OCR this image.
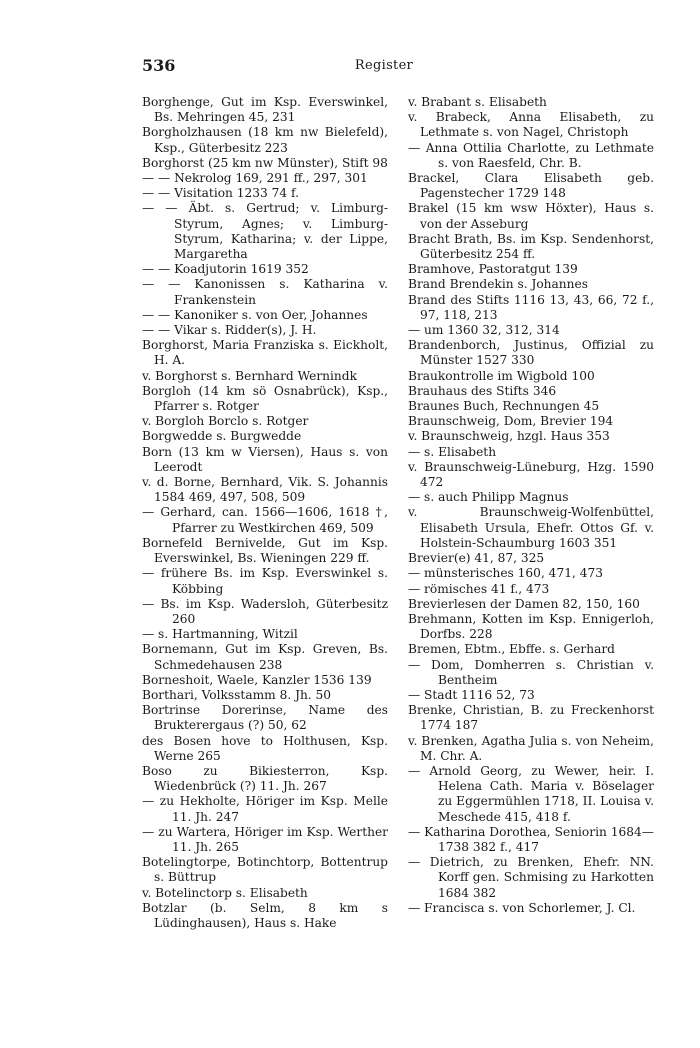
536	Register
Borghenge, Gut im Ksp. Everswinkel, Bs. Mehringen 45, 231
Borgholzhausen (18 km nw Bielefeld), Ksp., Güterbesitz 223
Borghorst (25 km nw Münster), Stift 98
— — Nekrolog 169, 291 ff., 297, 301
— — Visitation 1233 74 f.
— — Äbt. s. Gertrud; v. Limburg-Styrum, Agnes; v. Limburg-Styrum, Katharina; v. der Lippe, Margaretha
— — Koadjutorin 1619 352
— — Kanonissen s. Katharina v. Frankenstein
— — Kanoniker s. von Oer, Johannes
— — Vikar s. Ridder(s), J. H.
Borghorst, Maria Franziska s. Eickholt, H. A.
v. Borghorst s. Bernhard Wernindk
Borgloh (14 km sö Osnabrück), Ksp., Pfarrer s. Rotger
v. Borgloh Borclo s. Rotger
Borgwedde s. Burgwedde
Born (13 km w Viersen), Haus s. von Leerodt
v. d. Borne, Bernhard, Vik. S. Johannis 1584 469, 497, 508, 509
— Gerhard, can. 1566—1606, 1618 †, Pfarrer zu Westkirchen 469, 509
Bornefeld Bernivelde, Gut im Ksp. Everswinkel, Bs. Wieningen 229 ff.
— frühere Bs. im Ksp. Everswinkel s. Köbbing
— Bs. im Ksp. Wadersloh, Güterbesitz 260
— s. Hartmanning, Witzil
Bornemann, Gut im Ksp. Greven, Bs. Schmedehausen 238
Borneshoit, Waele, Kanzler 1536 139
Borthari, Volksstamm 8. Jh. 50
Bortrinse Dorerinse, Name des Brukterergaus (?) 50, 62
des Bosen hove to Holthusen, Ksp. Werne 265
Boso zu Bikiesterron, Ksp. Wiedenbrück (?) 11. Jh. 267
— zu Hekholte, Höriger im Ksp. Melle 11. Jh. 247
— zu Wartera, Höriger im Ksp. Werther 11. Jh. 265
Botelingtorpe, Botinchtorp, Bottentrup s. Büttrup
v. Botelinctorp s. Elisabeth
Botzlar (b. Selm, 8 km s Lüdinghausen), Haus s. Hake
v. Brabant s. Elisabeth
v. Brabeck, Anna Elisabeth, zu Lethmate s. von Nagel, Christoph
— Anna Ottilia Charlotte, zu Lethmate s. von Raesfeld, Chr. B.
Brackel, Clara Elisabeth geb. Pagenstecher 1729 148
Brakel (15 km wsw Höxter), Haus s. von der Asseburg
Bracht Brath, Bs. im Ksp. Sendenhorst, Güterbesitz 254 ff.
Bramhove, Pastoratgut 139
Brand Brendekin s. Johannes
Brand des Stifts 1116 13, 43, 66, 72 f., 97, 118, 213
— um 1360 32, 312, 314
Brandenborch, Justinus, Offizial zu Münster 1527 330
Braukontrolle im Wigbold 100
Brauhaus des Stifts 346
Braunes Buch, Rechnungen 45
Braunschweig, Dom, Brevier 194
v. Braunschweig, hzgl. Haus 353
— s. Elisabeth
v. Braunschweig-Lüneburg, Hzg. 1590 472
— s. auch Philipp Magnus
v. Braunschweig-Wolfenbüttel, Elisabeth Ursula, Ehefr. Ottos Gf. v. Holstein-Schaumburg 1603 351
Brevier(e) 41, 87, 325
— münsterisches 160, 471, 473
— römisches 41 f., 473
Brevierlesen der Damen 82, 150, 160
Brehmann, Kotten im Ksp. Ennigerloh, Dorfbs. 228
Bremen, Ebtm., Ebffe. s. Gerhard
— Dom, Domherren s. Christian v. Bentheim
— Stadt 1116 52, 73
Brenke, Christian, B. zu Freckenhorst 1774 187
v. Brenken, Agatha Julia s. von Neheim, M. Chr. A.
— Arnold Georg, zu Wewer, heir. I. Helena Cath. Maria v. Böselager zu Eggermühlen 1718, II. Louisa v. Meschede 415, 418 f.
— Katharina Dorothea, Seniorin 1684—1738 382 f., 417
— Dietrich, zu Brenken, Ehefr. NN. Korff gen. Schmising zu Harkotten 1684 382
— Francisca s. von Schorlemer, J. Cl.
